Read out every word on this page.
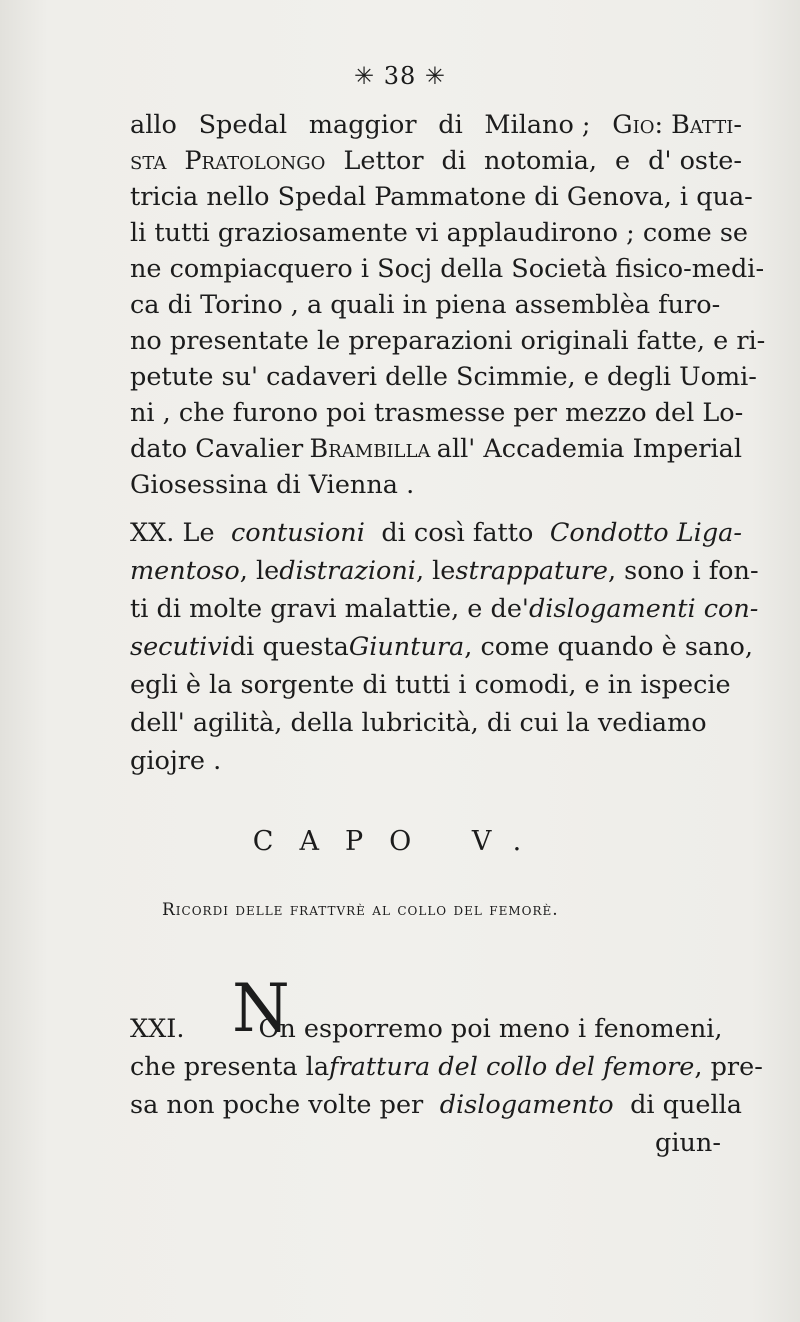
✳ 38 ✳
allo Spedal maggior di Milano ; Gio: Batti-
sta Pratolongo Lettor di notomia, e d' oste-
tricia nello Spedal Pammatone di Genova, i qua-
li tutti graziosamente vi applaudirono ; come se
ne compiacquero i Socj della Società fisico-medi-
ca di Torino , a quali in piena assemblèa furo-
no presentate le preparazioni originali fatte, e ri-
petute su' cadaveri delle Scimmie, e degli Uomi-
ni , che furono poi trasmesse per mezzo del Lo-
dato Cavalier Brambilla all' Accademia Imperial
Giosessina di Vienna .
XX. Le contusioni di così fatto Condotto Liga-
mentoso, le distrazioni , le strappature , sono i fon-
ti di molte gravi malattie, e de' dislogamenti con-
secutivi di questa Giuntura , come quando è sano,
egli è la sorgente di tutti i comodi, e in ispecie
dell' agilità, della lubricità, di cui la vediamo
giojre .
CAPO V.
Ricordi delle frattvrè al collo del femorè.
XXI.	On esporremo poi meno i fenomeni,
N
che presenta la frattura del collo del femore , pre-
sa non poche volte per dislogamento di quella
giun-
